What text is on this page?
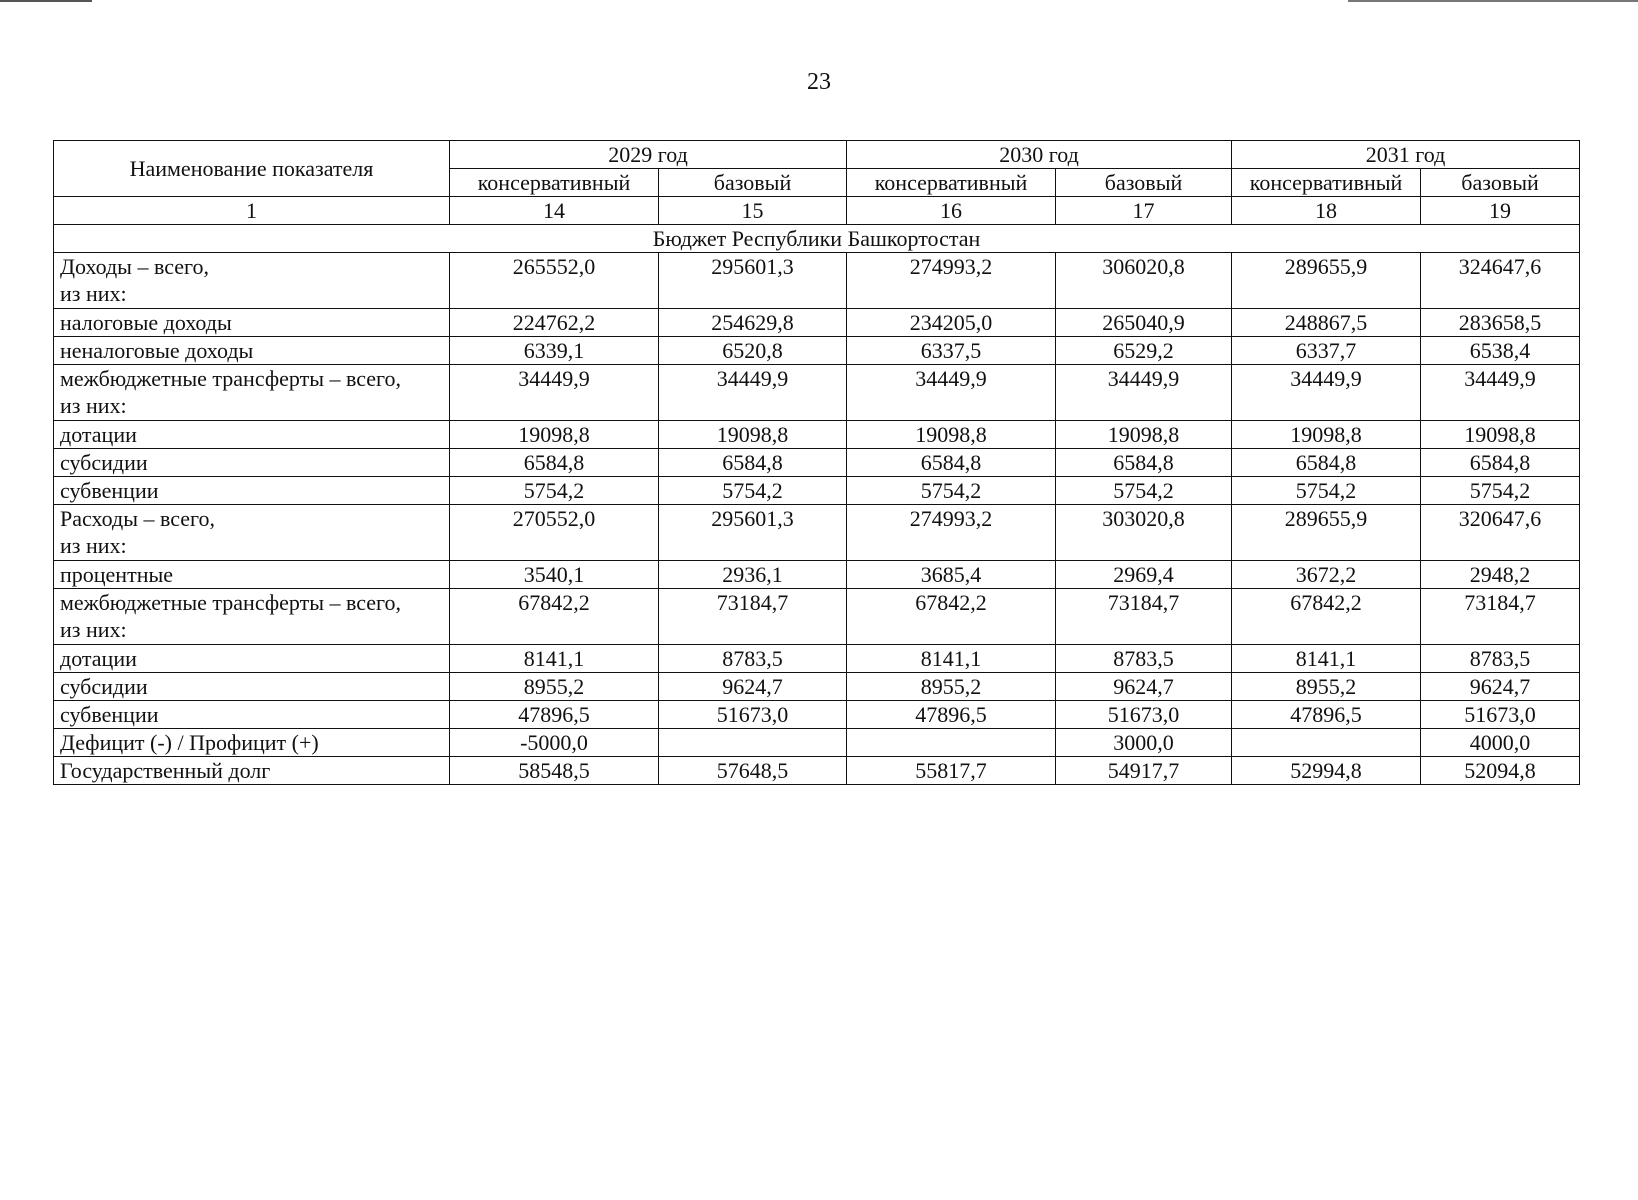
23
Наименование показателя	2029 год		2030 год		2031 год	
	консервативный	базовый	консервативный	базовый	консервативный	базовый
1	14	15	16	17	18	19
Бюджет Республики Башкортостан						

Доходы – всего,
из них:	265552,0	295601,3	274993,2	306020,8	289655,9	324647,6

налоговые доходы	224762,2	254629,8	234205,0	265040,9	248867,5	283658,5

неналоговые доходы	6339,1	6520,8	6337,5	6529,2	6337,7	6538,4

межбюджетные трансферты – всего,
из них:	34449,9	34449,9	34449,9	34449,9	34449,9	34449,9

дотации	19098,8	19098,8	19098,8	19098,8	19098,8	19098,8

субсидии	6584,8	6584,8	6584,8	6584,8	6584,8	6584,8

субвенции	5754,2	5754,2	5754,2	5754,2	5754,2	5754,2

Расходы – всего,
из них:	270552,0	295601,3	274993,2	303020,8	289655,9	320647,6

процентные	3540,1	2936,1	3685,4	2969,4	3672,2	2948,2

межбюджетные трансферты – всего,
из них:	67842,2	73184,7	67842,2	73184,7	67842,2	73184,7

дотации	8141,1	8783,5	8141,1	8783,5	8141,1	8783,5

субсидии	8955,2	9624,7	8955,2	9624,7	8955,2	9624,7

субвенции	47896,5	51673,0	47896,5	51673,0	47896,5	51673,0

Дефицит (-) / Профицит (+)	-5000,0			3000,0		4000,0

Государственный долг	58548,5	57648,5	55817,7	54917,7	52994,8	52094,8
